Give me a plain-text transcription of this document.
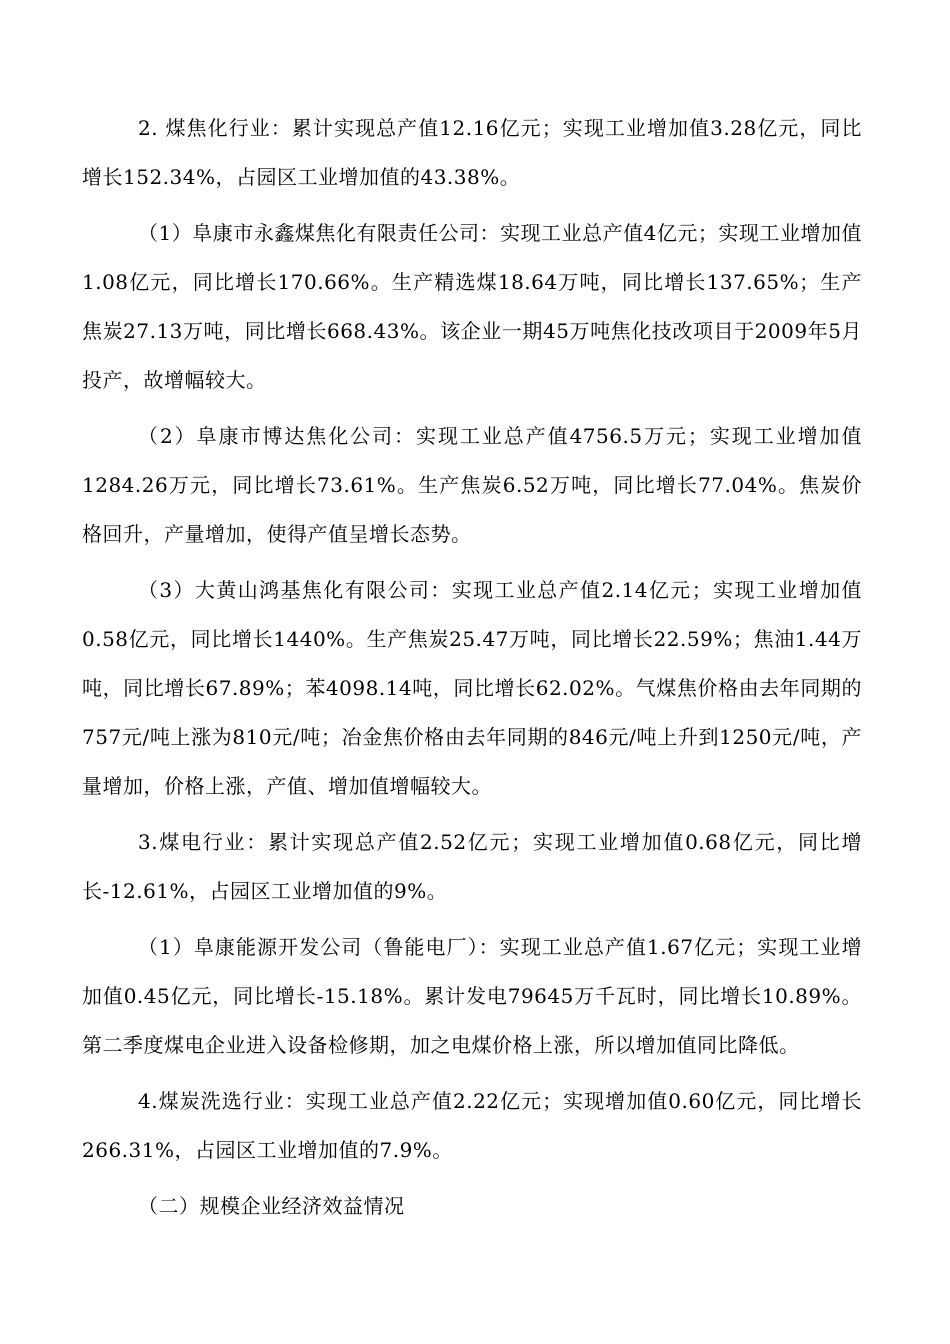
2. 煤焦化行业：累计实现总产值12.16亿元；实现工业增加值3.28亿元，同比增长152.34%，占园区工业增加值的43.38%。

（1）阜康市永鑫煤焦化有限责任公司：实现工业总产值4亿元；实现工业增加值1.08亿元，同比增长170.66%。生产精选煤18.64万吨，同比增长137.65%；生产焦炭27.13万吨，同比增长668.43%。该企业一期45万吨焦化技改项目于2009年5月投产，故增幅较大。

（2）阜康市博达焦化公司：实现工业总产值4756.5万元；实现工业增加值1284.26万元，同比增长73.61%。生产焦炭6.52万吨，同比增长77.04%。焦炭价格回升，产量增加，使得产值呈增长态势。

（3）大黄山鸿基焦化有限公司：实现工业总产值2.14亿元；实现工业增加值0.58亿元，同比增长1440%。生产焦炭25.47万吨，同比增长22.59%；焦油1.44万吨，同比增长67.89%；苯4098.14吨，同比增长62.02%。气煤焦价格由去年同期的757元/吨上涨为810元/吨；冶金焦价格由去年同期的846元/吨上升到1250元/吨，产量增加，价格上涨，产值、增加值增幅较大。

3.煤电行业：累计实现总产值2.52亿元；实现工业增加值0.68亿元，同比增长-12.61%，占园区工业增加值的9%。

（1）阜康能源开发公司（鲁能电厂）：实现工业总产值1.67亿元；实现工业增加值0.45亿元，同比增长-15.18%。累计发电79645万千瓦时，同比增长10.89%。第二季度煤电企业进入设备检修期，加之电煤价格上涨，所以增加值同比降低。

4.煤炭洗选行业：实现工业总产值2.22亿元；实现增加值0.60亿元，同比增长266.31%，占园区工业增加值的7.9%。

（二）规模企业经济效益情况
